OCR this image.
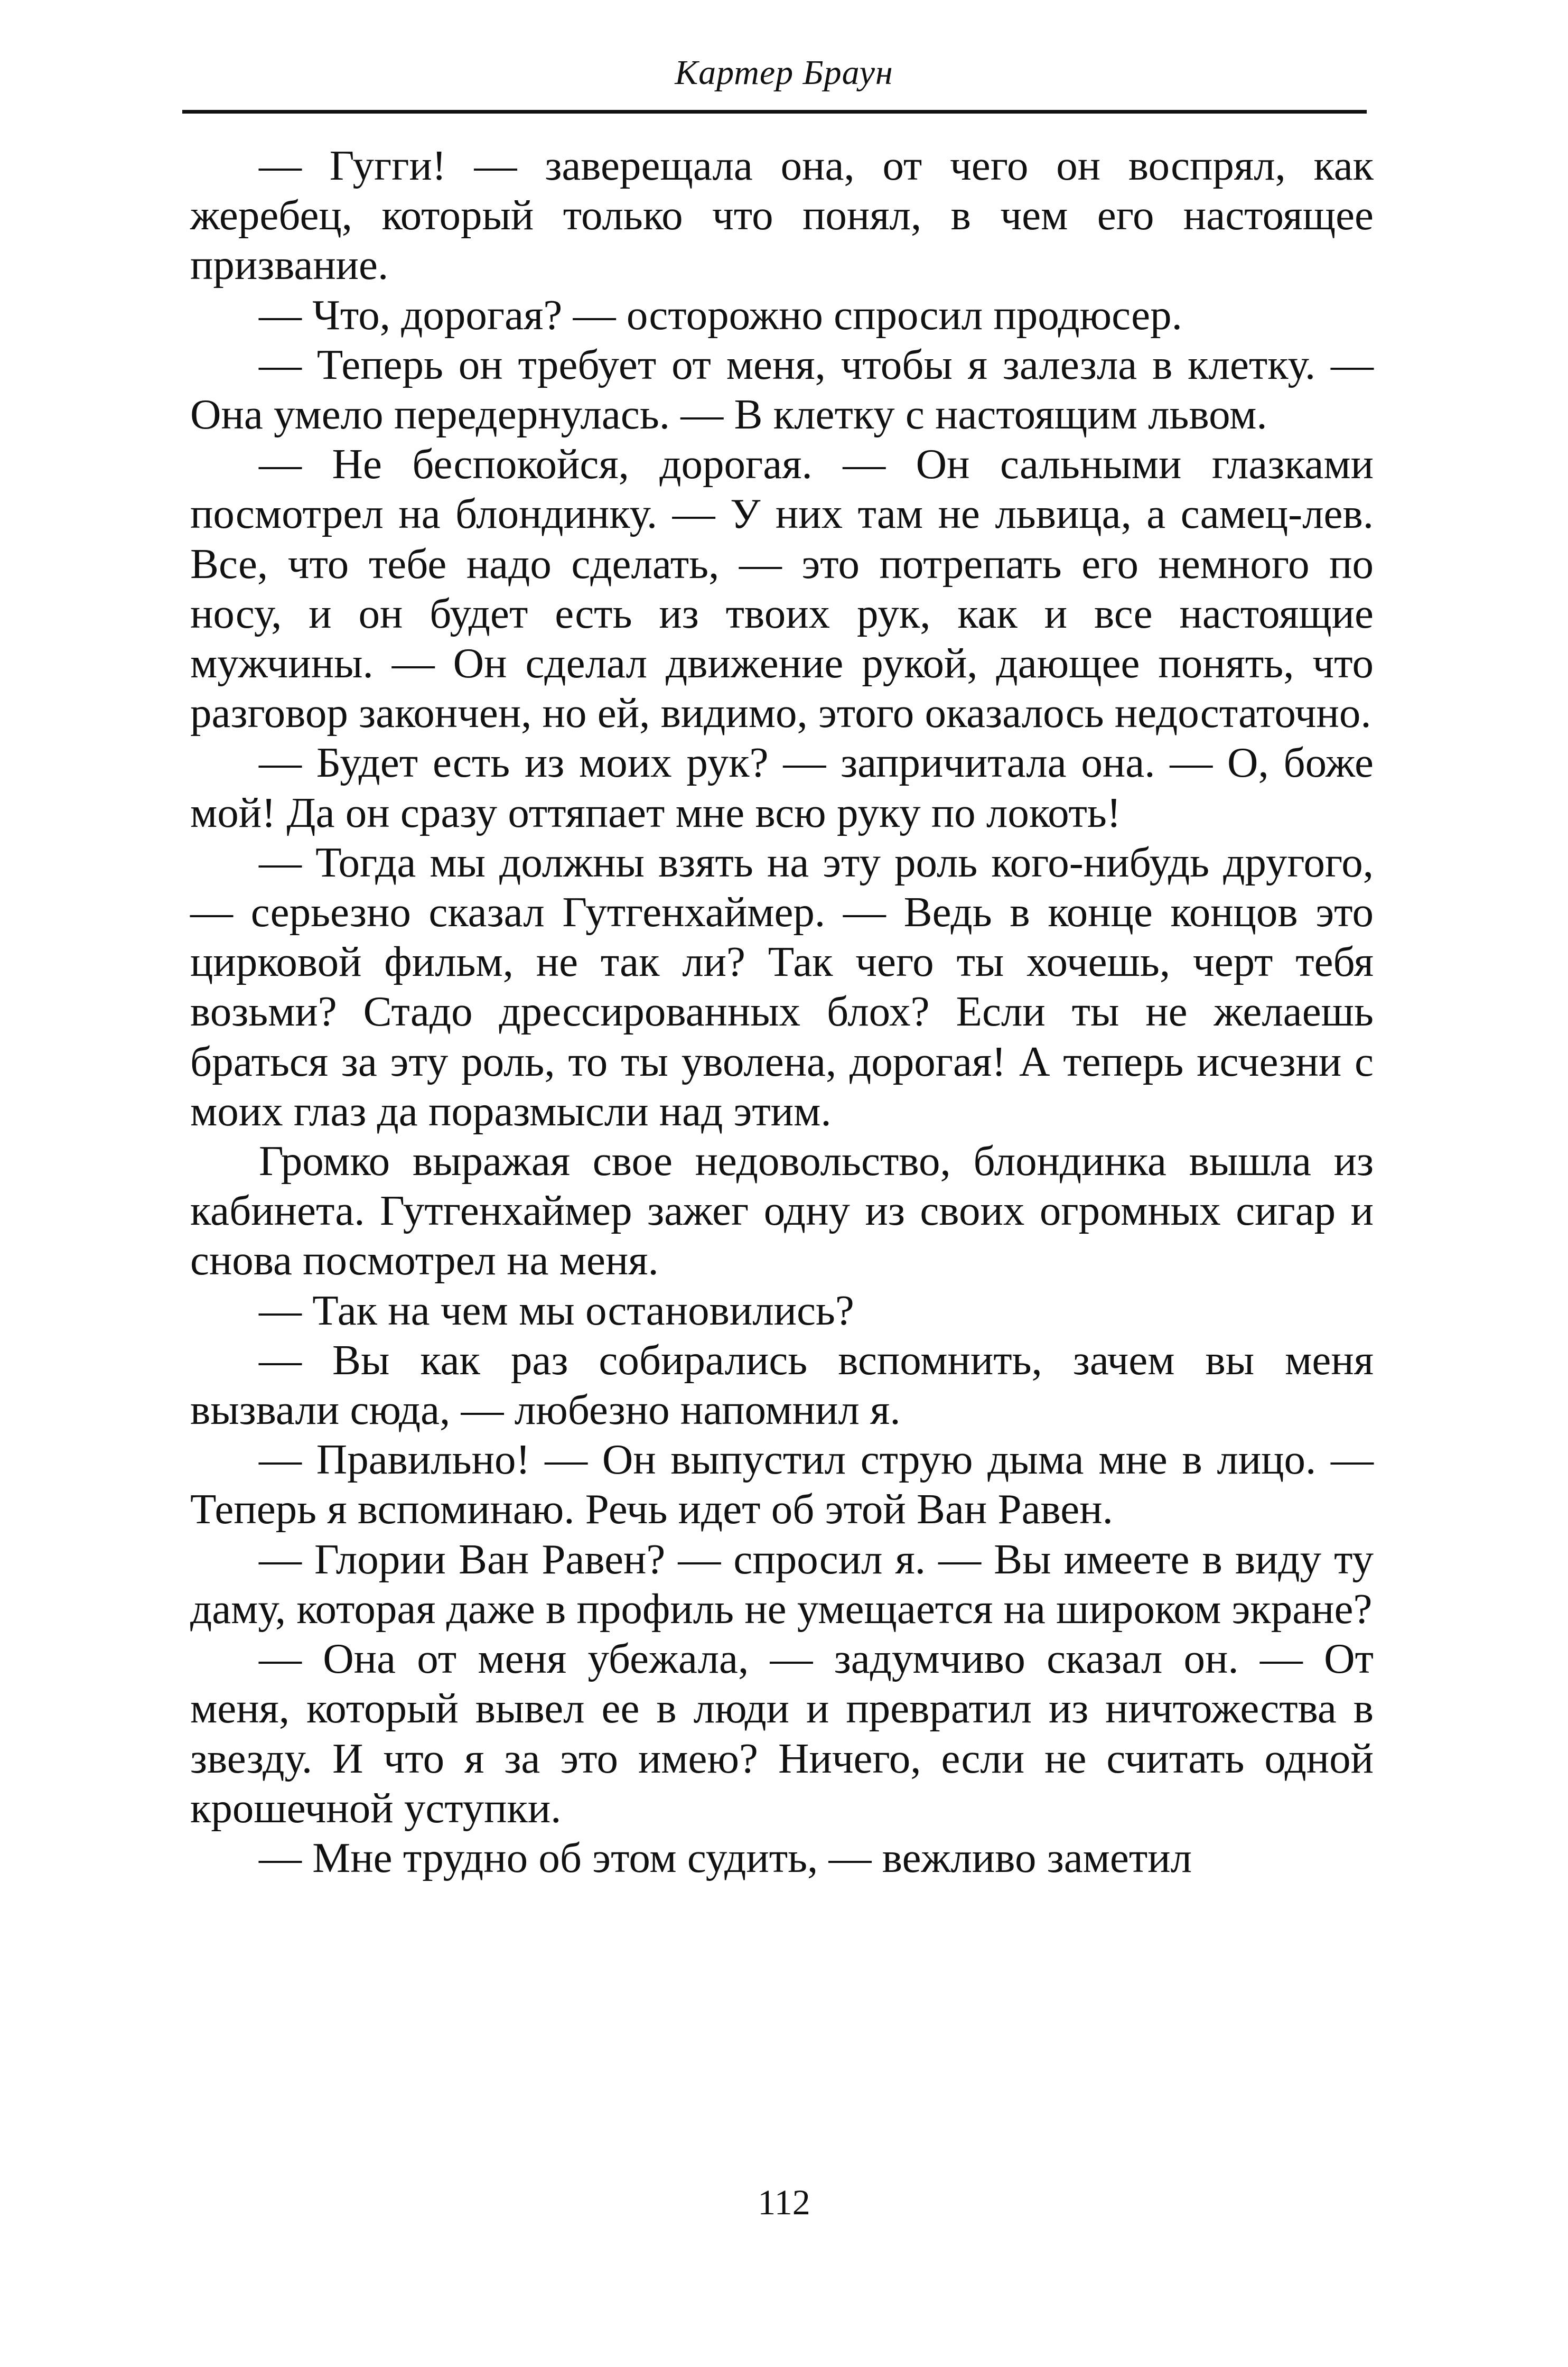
Картер Браун

— Гугги! — заверещала она, от чего он воспрял, как жеребец, который только что понял, в чем его настоящее призвание.

— Что, дорогая? — осторожно спросил продюсер.

— Теперь он требует от меня, чтобы я залезла в клетку. — Она умело передернулась. — В клетку с настоящим львом.

— Не беспокойся, дорогая. — Он сальными глазками посмотрел на блондинку. — У них там не львица, а самец-лев. Все, что тебе надо сделать, — это потрепать его немного по носу, и он будет есть из твоих рук, как и все настоящие мужчины. — Он сделал движение рукой, дающее понять, что разговор закончен, но ей, видимо, этого оказалось недостаточно.

— Будет есть из моих рук? — запричитала она. — О, боже мой! Да он сразу оттяпает мне всю руку по локоть!

— Тогда мы должны взять на эту роль кого-нибудь другого, — серьезно сказал Гутгенхаймер. — Ведь в конце концов это цирковой фильм, не так ли? Так чего ты хочешь, черт тебя возьми? Стадо дрессированных блох? Если ты не желаешь браться за эту роль, то ты уволена, дорогая! А теперь исчезни с моих глаз да поразмысли над этим.

Громко выражая свое недовольство, блондинка вышла из кабинета. Гутгенхаймер зажег одну из своих огромных сигар и снова посмотрел на меня.

— Так на чем мы остановились?

— Вы как раз собирались вспомнить, зачем вы меня вызвали сюда, — любезно напомнил я.

— Правильно! — Он выпустил струю дыма мне в лицо. — Теперь я вспоминаю. Речь идет об этой Ван Равен.

— Глории Ван Равен? — спросил я. — Вы имеете в виду ту даму, которая даже в профиль не умещается на широком экране?

— Она от меня убежала, — задумчиво сказал он. — От меня, который вывел ее в люди и превратил из ничтожества в звезду. И что я за это имею? Ничего, если не считать одной крошечной уступки.

— Мне трудно об этом судить, — вежливо заметил

112
